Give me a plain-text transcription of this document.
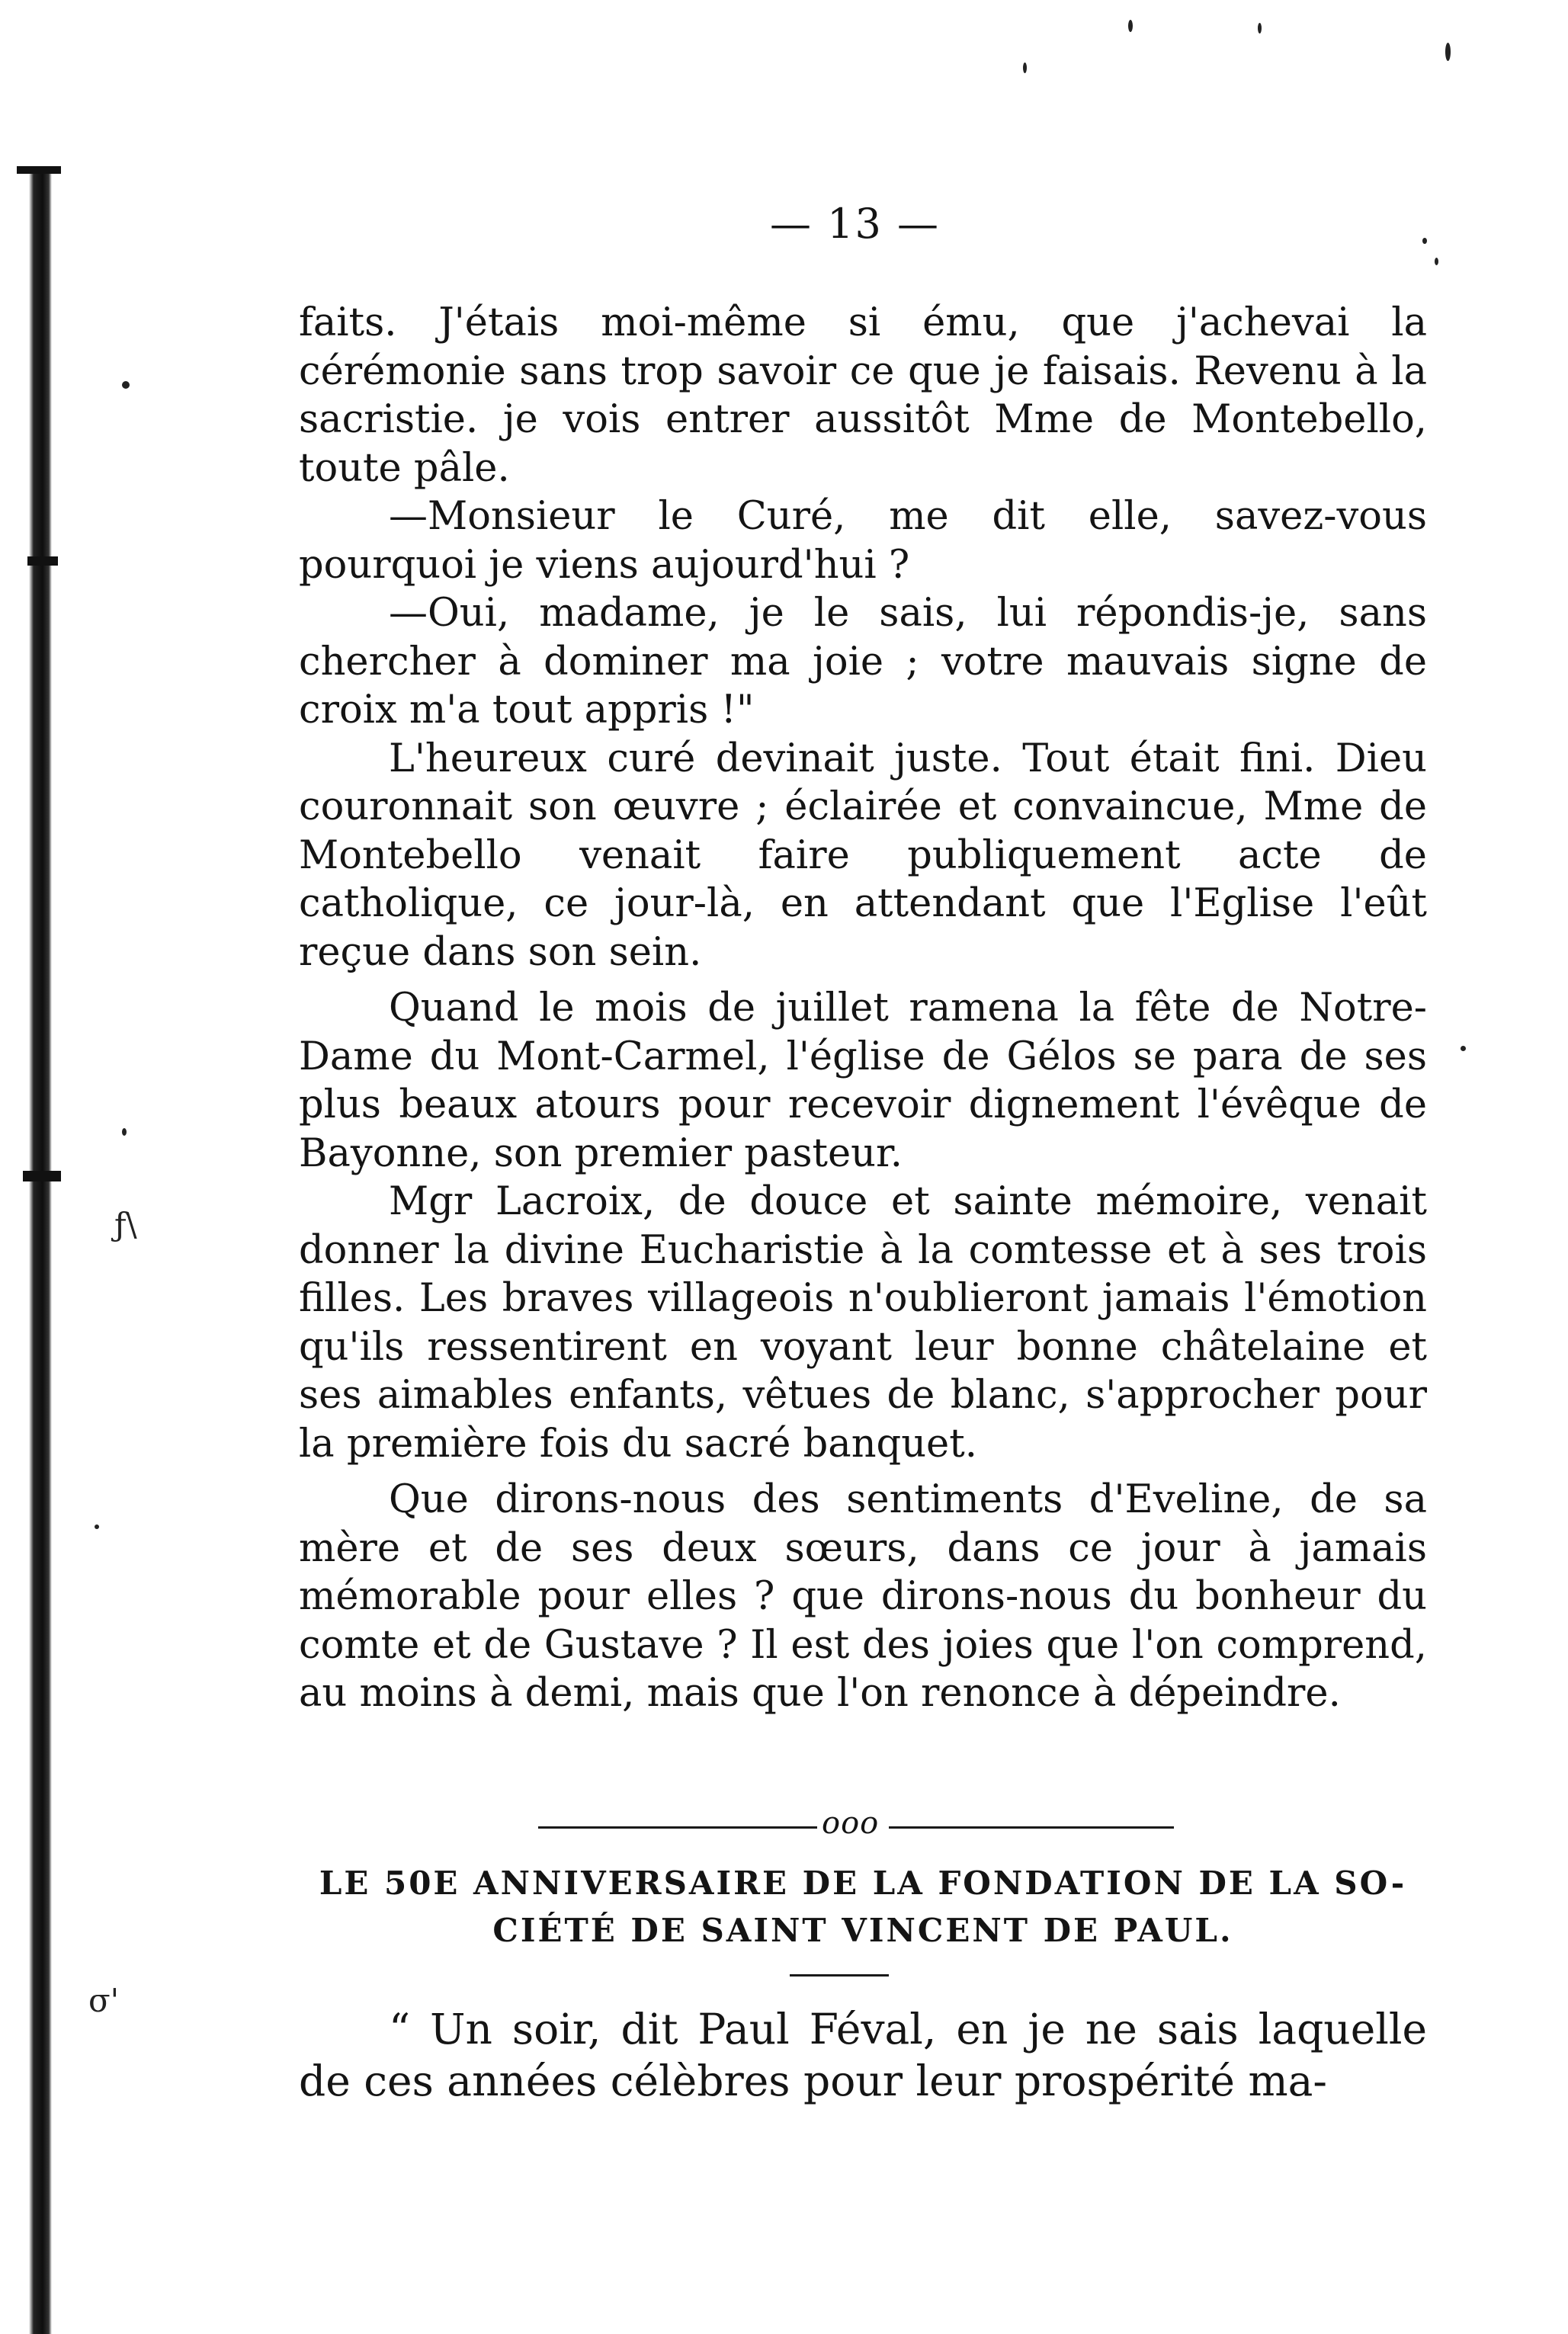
ƒ\
σ'
— 13 —

faits. J'étais moi-même si ému, que j'achevai la cérémonie sans trop savoir ce que je faisais. Revenu à la sacristie. je vois entrer aussitôt Mme de Montebello, toute pâle.

—Monsieur le Curé, me dit elle, savez-vous pourquoi je viens aujourd'hui ?

—Oui, madame, je le sais, lui répondis-je, sans chercher à dominer ma joie ; votre mauvais signe de croix m'a tout appris !"

L'heureux curé devinait juste. Tout était fini. Dieu couronnait son œuvre ; éclairée et convaincue, Mme de Montebello venait faire publiquement acte de catholique, ce jour-là, en attendant que l'Eglise l'eût reçue dans son sein.

Quand le mois de juillet ramena la fête de Notre-Dame du Mont-Carmel, l'église de Gélos se para de ses plus beaux atours pour recevoir dignement l'évêque de Bayonne, son premier pasteur.

Mgr Lacroix, de douce et sainte mémoire, venait donner la divine Eucharistie à la comtesse et à ses trois filles. Les braves villageois n'oublieront jamais l'émotion qu'ils ressentirent en voyant leur bonne châtelaine et ses aimables enfants, vêtues de blanc, s'approcher pour la première fois du sacré banquet.

Que dirons-nous des sentiments d'Eveline, de sa mère et de ses deux sœurs, dans ce jour à jamais mémorable pour elles ? que dirons-nous du bonheur du comte et de Gustave ? Il est des joies que l'on comprend, au moins à demi, mais que l'on renonce à dépeindre.

ooo
LE 50E ANNIVERSAIRE DE LA FONDATION DE LA SO-
CIÉTÉ DE SAINT VINCENT DE PAUL.
“ Un soir, dit Paul Féval, en je ne sais laquelle de ces années célèbres pour leur prospérité ma-
